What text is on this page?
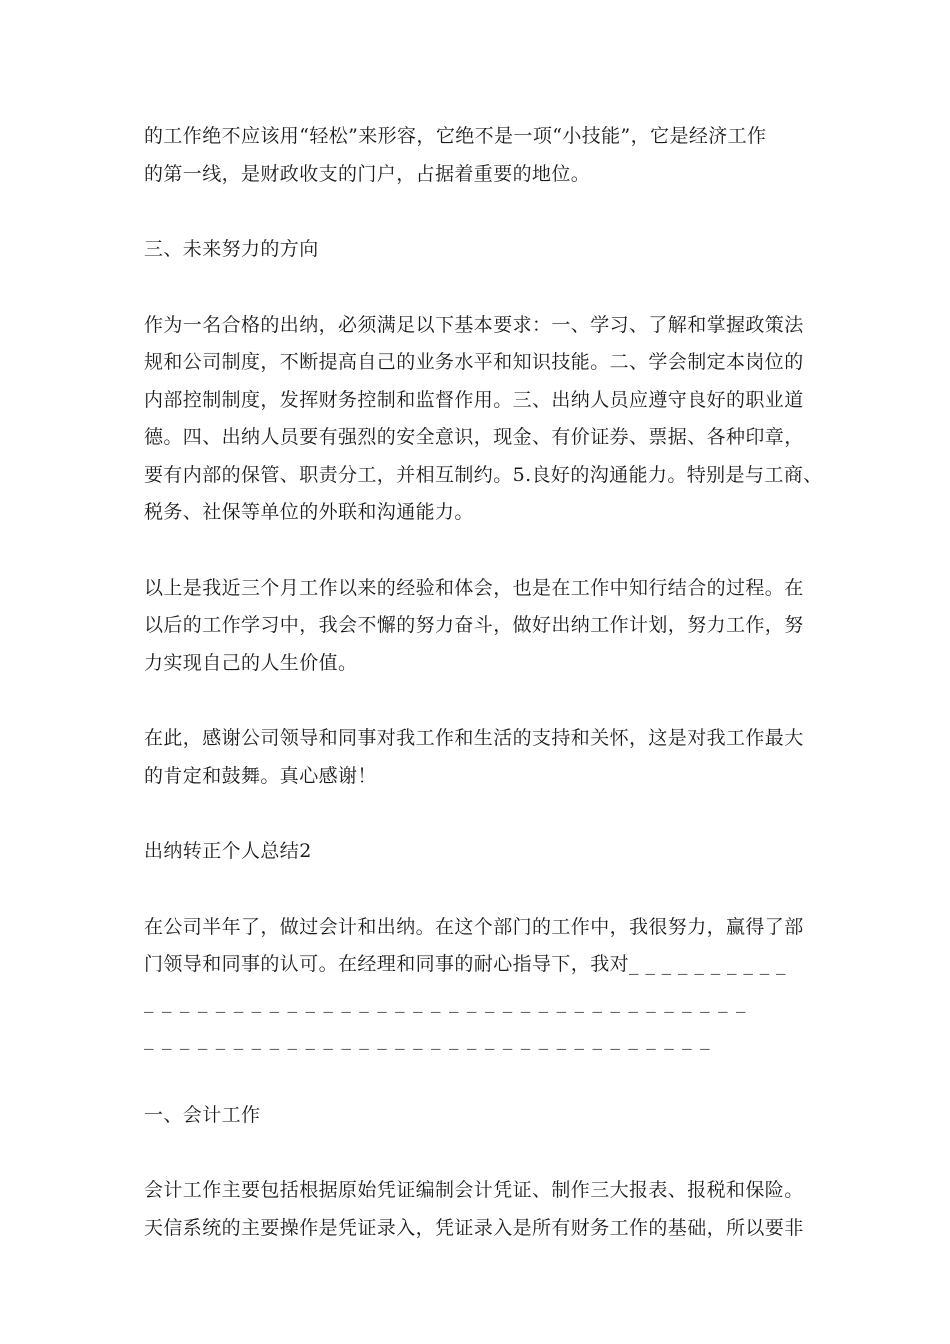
的工作绝不应该用“轻松”来形容，它绝不是一项“小技能”，它是经济工作
的第一线，是财政收支的门户，占据着重要的地位。
三、未来努力的方向
作为一名合格的出纳，必须满足以下基本要求：一、学习、了解和掌握政策法
规和公司制度，不断提高自己的业务水平和知识技能。二、学会制定本岗位的
内部控制制度，发挥财务控制和监督作用。三、出纳人员应遵守良好的职业道
德。四、出纳人员要有强烈的安全意识，现金、有价证券、票据、各种印章，
要有内部的保管、职责分工，并相互制约。5.良好的沟通能力。特别是与工商、
税务、社保等单位的外联和沟通能力。
以上是我近三个月工作以来的经验和体会，也是在工作中知行结合的过程。在
以后的工作学习中，我会不懈的努力奋斗，做好出纳工作计划，努力工作，努
力实现自己的人生价值。
在此，感谢公司领导和同事对我工作和生活的支持和关怀，这是对我工作最大
的肯定和鼓舞。真心感谢！
出纳转正个人总结2
在公司半年了，做过会计和出纳。在这个部门的工作中，我很努力，赢得了部
门领导和同事的认可。在经理和同事的耐心指导下，我对_ _ _ _ _ _ _ _ _ _
_ _ _ _ _ _ _ _ _ _ _ _ _ _ _ _ _ _ _ _ _ _ _ _ _ _ _ _ _ _ _ _ _ _
_ _ _ _ _ _ _ _ _ _ _ _ _ _ _ _ _ _ _ _ _ _ _ _ _ _ _ _ _ _ _ _
一、会计工作
会计工作主要包括根据原始凭证编制会计凭证、制作三大报表、报税和保险。
天信系统的主要操作是凭证录入，凭证录入是所有财务工作的基础，所以要非
